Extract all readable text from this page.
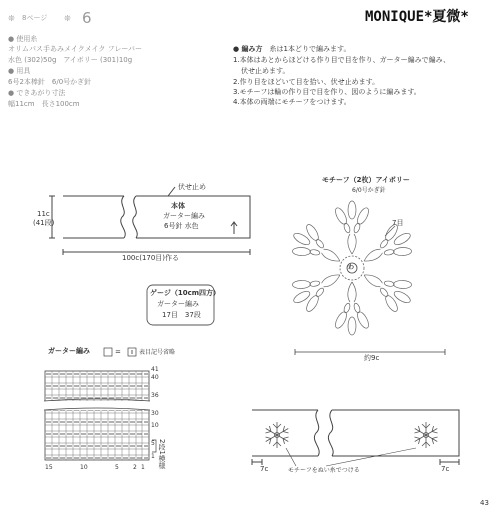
❊ 8ページ ❊ 6	MONIQUE*夏微*
● 使用糸
オリムパス手あみメイクメイク フレーバー
水色 (302)50g　アイボリー (301)10g
● 用具
6号2本棒針　6/0号かぎ針
● できあがり寸法
幅11cm　長さ100cm
● 編み方　 糸は1本どりで編みます。
1.本体はあとからほどける作り目で目を作り、ガーター編みで編み、
伏せ止めます。
2.作り目をほどいて目を拾い、伏せ止めます。
3.モチーフは輪の作り目で目を作り、図のように編みます。
4.本体の両端にモチーフをつけます。
伏せ止め
11c
(41段)
本体
ガーター編み
6号針 水色
100c(170目)作る
ゲージ（10cm四方）
ガーター編み
17目　37段
モチーフ（2枚）アイボリー
6/0号かぎ針
7目
わ
約9c
ガーター編み	=	表目記号省略
41
40
36
30
10
5
1
15	10	5 2 1 2段1模様
7c	7c
モチーフをぬい糸でつける
43
